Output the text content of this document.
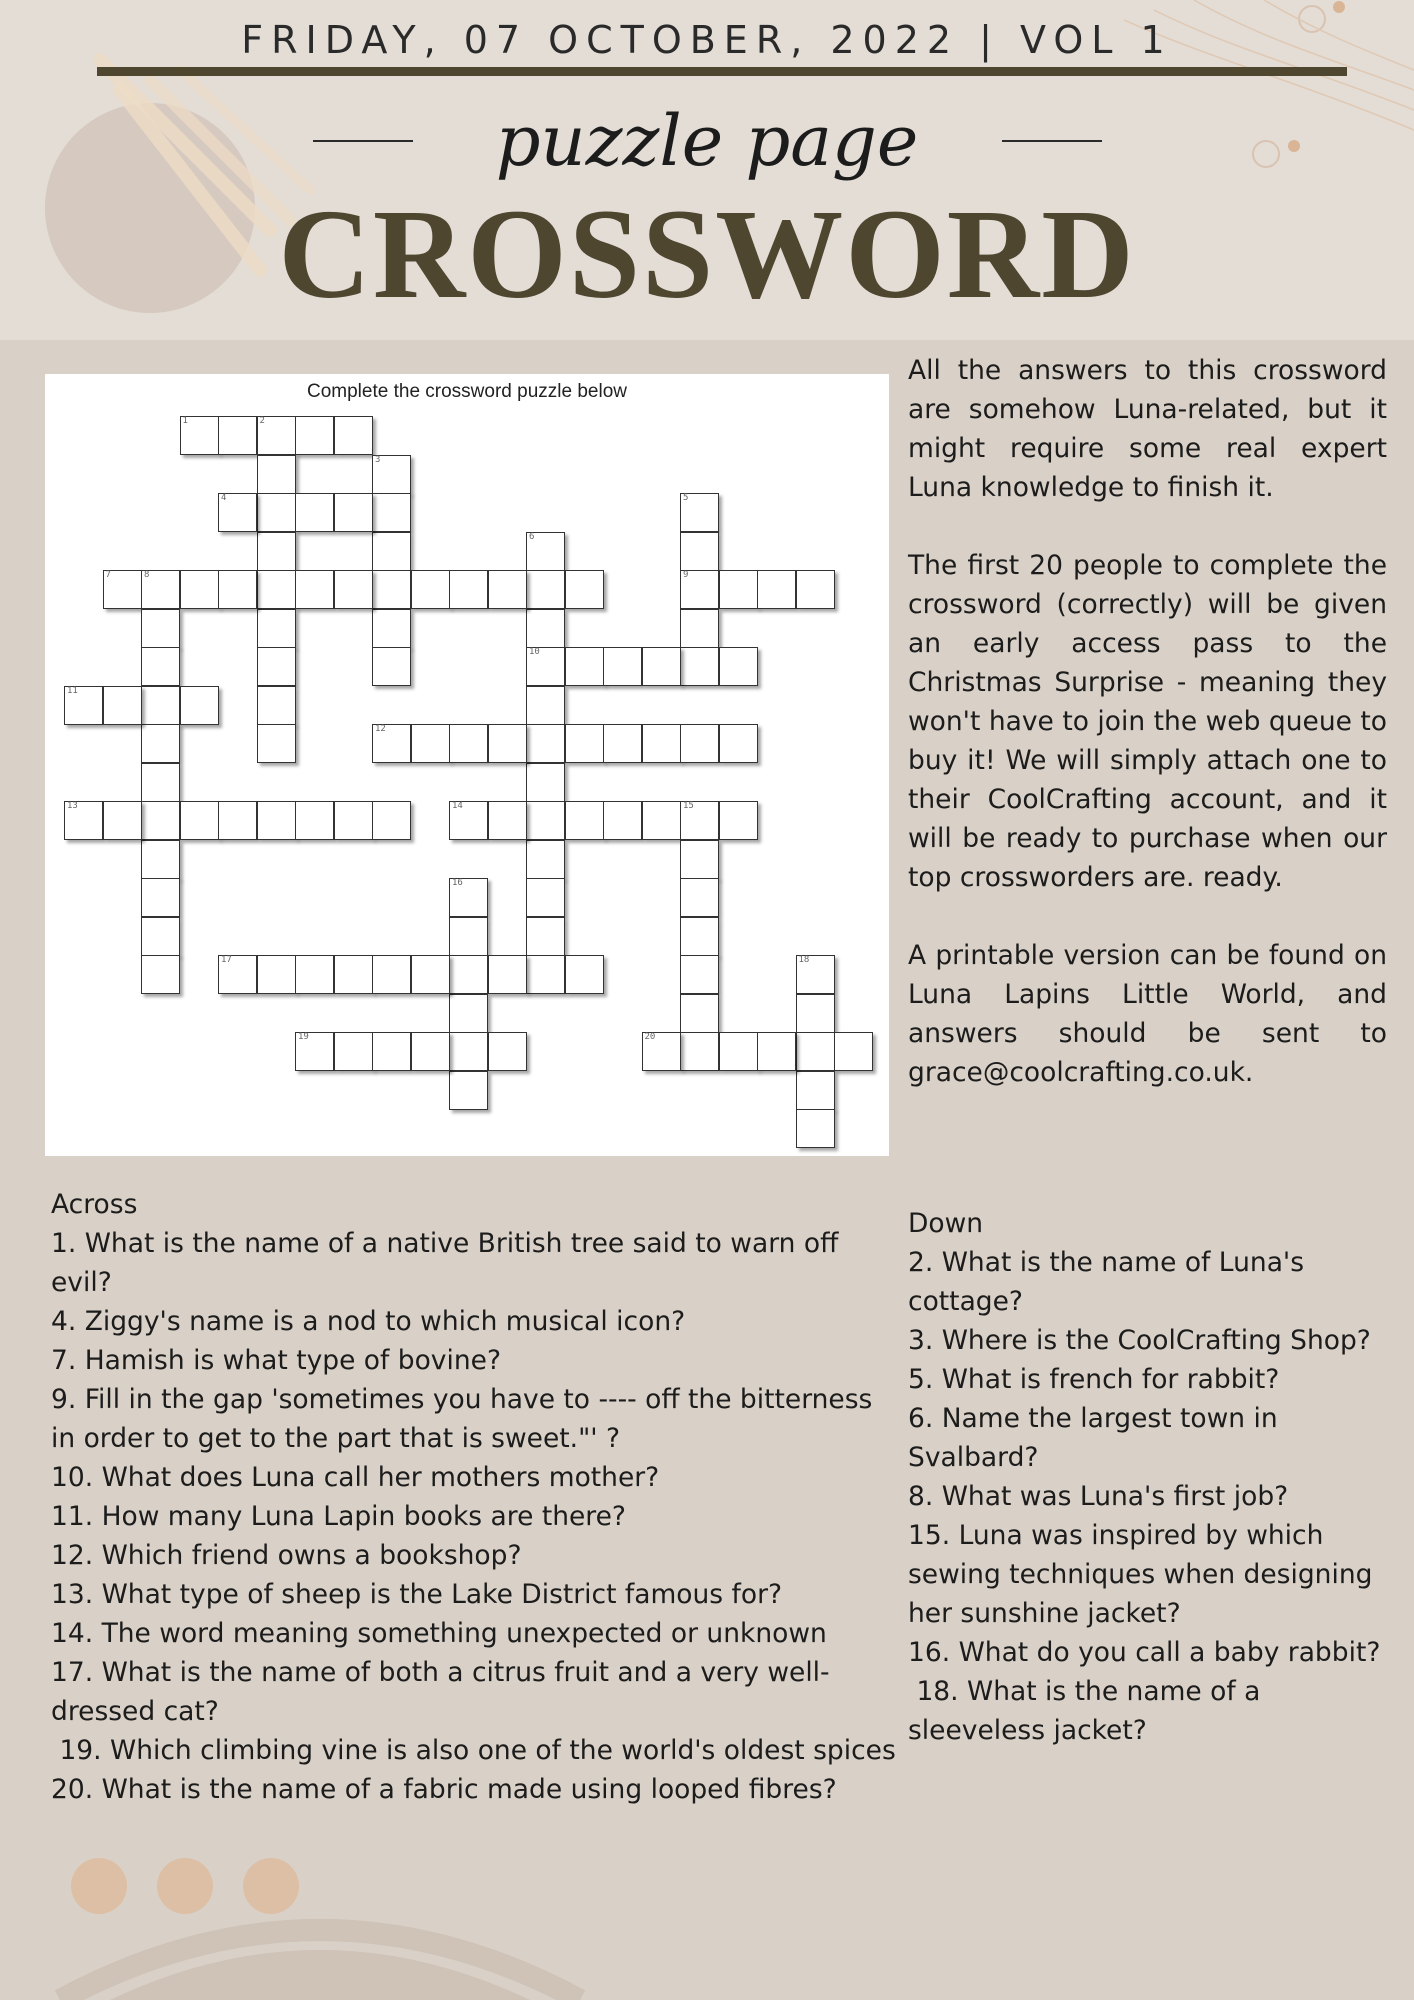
FRIDAY, 07 OCTOBER, 2022 | VOL 1
puzzle page
CROSSWORD
Complete the crossword puzzle below
1	2
3
4	5
9
6
10
7	8
11
12
13	14	15
16
17	18
19	20

All the answers to this crossword are somehow Luna-related, but it might require some real expert Luna knowledge to finish it.

The first 20 people to complete the crossword (correctly) will be given an early access pass to the Christmas Surprise - meaning they won't have to join the web queue to buy it! We will simply attach one to their CoolCrafting account, and it will be ready to purchase when our top crossworders are. ready.

A printable version can be found on Luna Lapins Little World, and answers should be sent to grace@coolcrafting.co.uk.

Across
1. What is the name of a native British tree said to warn off evil?
4. Ziggy's name is a nod to which musical icon?
7. Hamish is what type of bovine?
9. Fill in the gap 'sometimes you have to ---- off the bitterness in order to get to the part that is sweet."' ?
10. What does Luna call her mothers mother?
11. How many Luna Lapin books are there?
12. Which friend owns a bookshop?
13. What type of sheep is the Lake District famous for?
14. The word meaning something unexpected or unknown
17. What is the name of both a citrus fruit and a very well-dressed cat?
19. Which climbing vine is also one of the world's oldest spices
20. What is the name of a fabric made using looped fibres?
Down
2. What is the name of Luna's cottage?
3. Where is the CoolCrafting Shop?
5. What is french for rabbit?
6. Name the largest town in Svalbard?
8. What was Luna's first job?
15. Luna was inspired by which sewing techniques when designing her sunshine jacket?
16. What do you call a baby rabbit?
18. What is the name of a sleeveless jacket?
